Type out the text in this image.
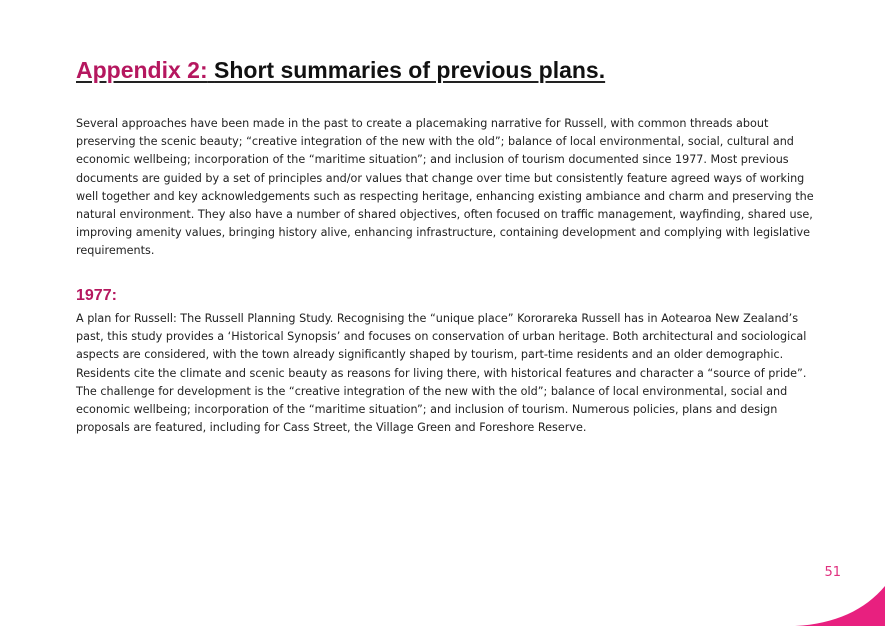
Appendix 2: Short summaries of previous plans.

Several approaches have been made in the past to create a placemaking narrative for Russell, with common threads about preserving the scenic beauty; “creative integration of the new with the old”; balance of local environmental, social, cultural and economic wellbeing; incorporation of the “maritime situation”; and inclusion of tourism documented since 1977. Most previous documents are guided by a set of principles and/or values that change over time but consistently feature agreed ways of working well together and key acknowledgements such as respecting heritage, enhancing existing ambiance and charm and preserving the natural environment. They also have a number of shared objectives, often focused on traffic management, wayfinding, shared use, improving amenity values, bringing history alive, enhancing infrastructure, containing development and complying with legislative requirements.

1977:

A plan for Russell: The Russell Planning Study. Recognising the “unique place” Kororareka Russell has in Aotearoa New Zealand’s past, this study provides a ‘Historical Synopsis’ and focuses on conservation of urban heritage. Both architectural and sociological aspects are considered, with the town already significantly shaped by tourism, part-time residents and an older demographic. Residents cite the climate and scenic beauty as reasons for living there, with historical features and character a “source of pride”. The challenge for development is the “creative integration of the new with the old”; balance of local environmental, social and economic wellbeing; incorporation of the “maritime situation”; and inclusion of tourism. Numerous policies, plans and design proposals are featured, including for Cass Street, the Village Green and Foreshore Reserve.

51
